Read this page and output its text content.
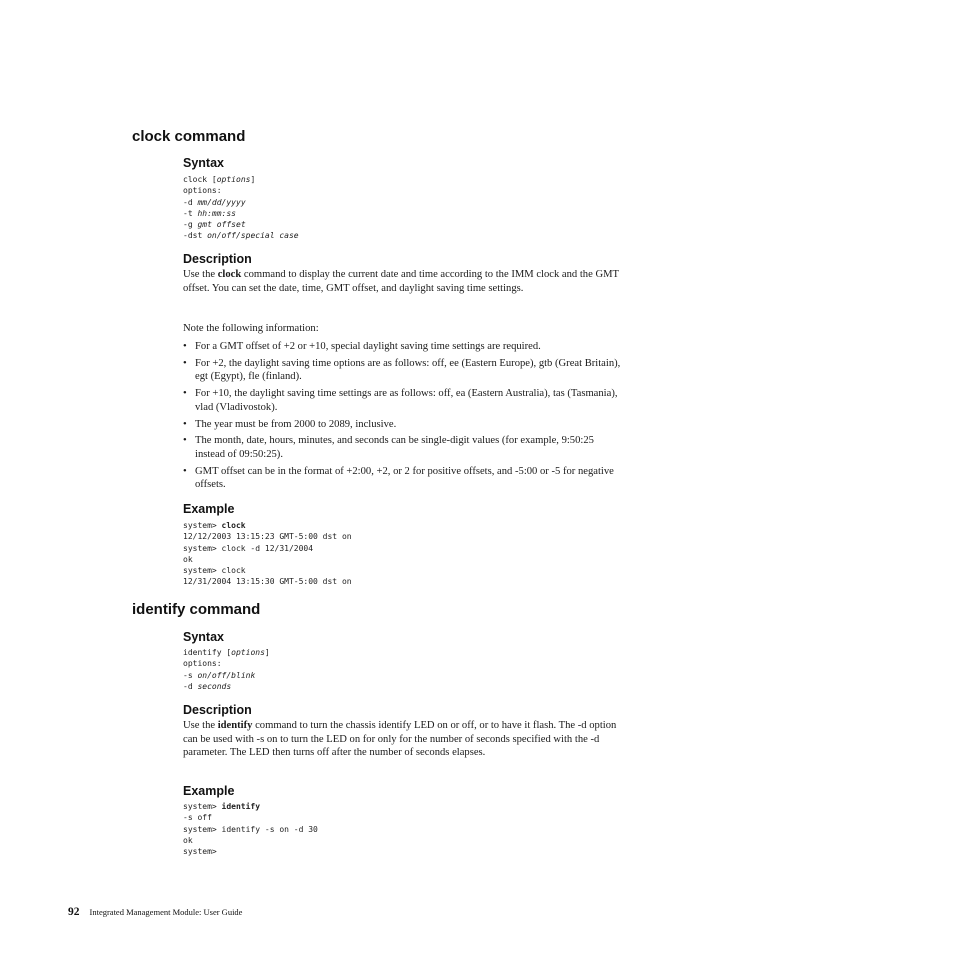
clock command
Syntax
clock [options]
options:
-d mm/dd/yyyy
-t hh:mm:ss
-g gmt offset
-dst on/off/special case
Description

Use the clock command to display the current date and time according to the IMM clock and the GMT offset. You can set the date, time, GMT offset, and daylight saving time settings.

Note the following information:

• For a GMT offset of +2 or +10, special daylight saving time settings are required.
• For +2, the daylight saving time options are as follows: off, ee (Eastern Europe), gtb (Great Britain), egt (Egypt), fle (finland).
• For +10, the daylight saving time settings are as follows: off, ea (Eastern Australia), tas (Tasmania), vlad (Vladivostok).
• The year must be from 2000 to 2089, inclusive.
• The month, date, hours, minutes, and seconds can be single-digit values (for example, 9:50:25 instead of 09:50:25).
• GMT offset can be in the format of +2:00, +2, or 2 for positive offsets, and -5:00 or -5 for negative offsets.
Example
system> clock
12/12/2003 13:15:23 GMT-5:00 dst on
system> clock -d 12/31/2004
ok
system> clock
12/31/2004 13:15:30 GMT-5:00 dst on
identify command
Syntax
identify [options]
options:
-s on/off/blink
-d seconds
Description

Use the identify command to turn the chassis identify LED on or off, or to have it flash. The -d option can be used with -s on to turn the LED on for only for the number of seconds specified with the -d parameter. The LED then turns off after the number of seconds elapses.

Example
system> identify
-s off
system> identify -s on -d 30
ok
system>
92 Integrated Management Module: User Guide
